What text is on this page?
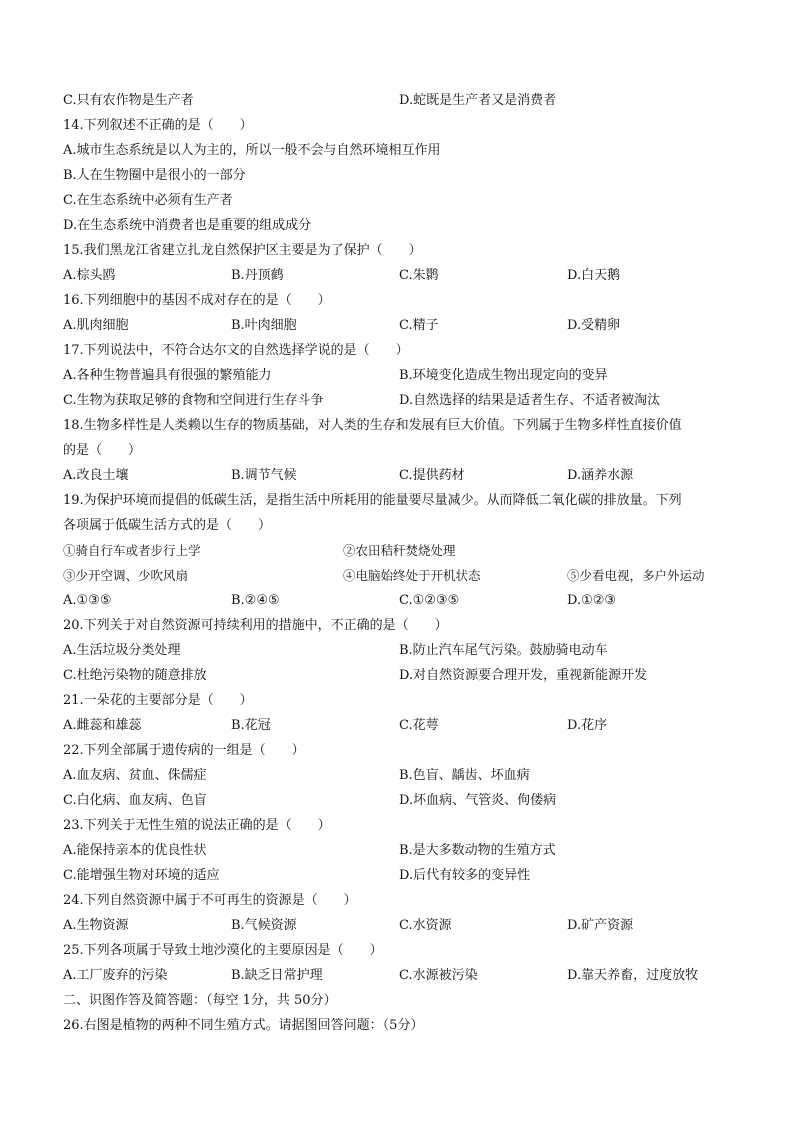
C.只有农作物是生产者	D.蛇既是生产者又是消费者
14.下列叙述不正确的是（　　）
A.城市生态系统是以人为主的，所以一般不会与自然环境相互作用
B.人在生物圈中是很小的一部分
C.在生态系统中必须有生产者
D.在生态系统中消费者也是重要的组成成分
15.我们黑龙江省建立扎龙自然保护区主要是为了保护（　　）
A.棕头鸥	B.丹顶鹤	C.朱鹮	D.白天鹅
16.下列细胞中的基因不成对存在的是（　　）
A.肌肉细胞	B.叶肉细胞	C.精子	D.受精卵
17.下列说法中，不符合达尔文的自然选择学说的是（　　）
A.各种生物普遍具有很强的繁殖能力	B.环境变化造成生物出现定向的变异
C.生物为获取足够的食物和空间进行生存斗争	D.自然选择的结果是适者生存、不适者被淘汰
18.生物多样性是人类赖以生存的物质基础，对人类的生存和发展有巨大价值。下列属于生物多样性直接价值
的是（　　）
A.改良土壤	B.调节气候	C.提供药材	D.涵养水源
19.为保护环境而提倡的低碳生活，是指生活中所耗用的能量要尽量减少。从而降低二氧化碳的排放量。下列
各项属于低碳生活方式的是（　　）
①骑自行车或者步行上学	②农田秸秆焚烧处理
③少开空调、少吹风扇	④电脑始终处于开机状态	⑤少看电视，多户外运动
A.①③⑤	B.②④⑤	C.①②③⑤	D.①②③
20.下列关于对自然资源可持续利用的措施中，不正确的是（　　）
A.生活垃圾分类处理	B.防止汽车尾气污染。鼓励骑电动车
C.杜绝污染物的随意排放	D.对自然资源要合理开发，重视新能源开发
21.一朵花的主要部分是（　　）
A.雌蕊和雄蕊	B.花冠	C.花萼	D.花序
22.下列全部属于遗传病的一组是（　　）
A.血友病、贫血、侏儒症	B.色盲、龋齿、坏血病
C.白化病、血友病、色盲	D.坏血病、气管炎、佝偻病
23.下列关于无性生殖的说法正确的是（　　）
A.能保持亲本的优良性状	B.是大多数动物的生殖方式
C.能增强生物对环境的适应	D.后代有较多的变异性
24.下列自然资源中属于不可再生的资源是（　　）
A.生物资源	B.气候资源	C.水资源	D.矿产资源
25.下列各项属于导致土地沙漠化的主要原因是（　　）
A.工厂废弃的污染	B.缺乏日常护理	C.水源被污染	D.靠天养畜，过度放牧
二、识图作答及简答题：（每空 1分，共 50分）
26.右图是植物的两种不同生殖方式。请据图回答问题：（5分）
